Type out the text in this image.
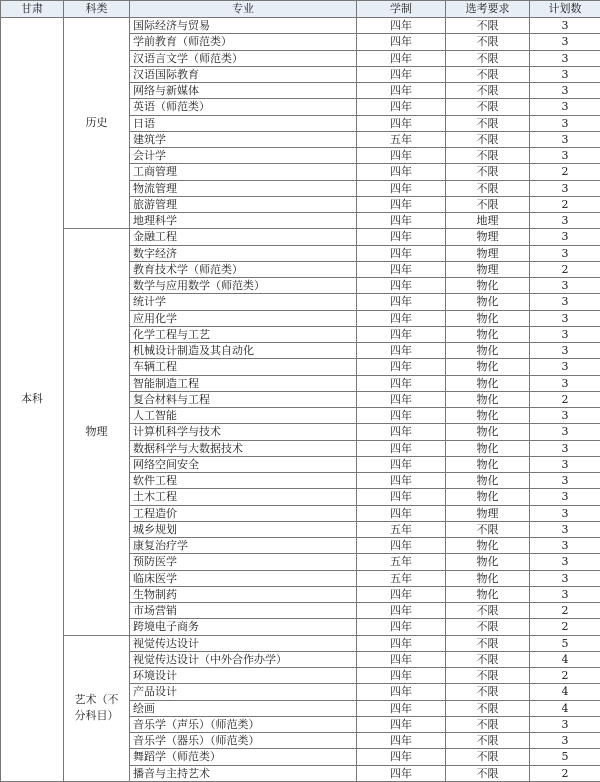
甘肃	科类	专业	学制	选考要求	计划数
本科	历史	国际经济与贸易	四年	不限	3
		学前教育（师范类）	四年	不限	3
		汉语言文学（师范类）	四年	不限	3
		汉语国际教育	四年	不限	3
		网络与新媒体	四年	不限	3
		英语（师范类）	四年	不限	3
		日语	四年	不限	3
		建筑学	五年	不限	3
		会计学	四年	不限	3
		工商管理	四年	不限	2
		物流管理	四年	不限	3
		旅游管理	四年	不限	2
		地理科学	四年	地理	3
	物理	金融工程	四年	物理	3
		数字经济	四年	物理	3
		教育技术学（师范类）	四年	物理	2
		数学与应用数学（师范类）	四年	物化	3
		统计学	四年	物化	3
		应用化学	四年	物化	3
		化学工程与工艺	四年	物化	3
		机械设计制造及其自动化	四年	物化	3
		车辆工程	四年	物化	3
		智能制造工程	四年	物化	3
		复合材料与工程	四年	物化	2
		人工智能	四年	物化	3
		计算机科学与技术	四年	物化	3
		数据科学与大数据技术	四年	物化	3
		网络空间安全	四年	物化	3
		软件工程	四年	物化	3
		土木工程	四年	物化	3
		工程造价	四年	物理	3
		城乡规划	五年	不限	3
		康复治疗学	四年	物化	3
		预防医学	五年	物化	3
		临床医学	五年	物化	3
		生物制药	四年	物化	3
		市场营销	四年	不限	2
		跨境电子商务	四年	不限	2
	艺术（不分科目）	视觉传达设计	四年	不限	5
		视觉传达设计（中外合作办学）	四年	不限	4
		环境设计	四年	不限	2
		产品设计	四年	不限	4
		绘画	四年	不限	4
		音乐学（声乐）（师范类）	四年	不限	3
		音乐学（器乐）（师范类）	四年	不限	3
		舞蹈学（师范类）	四年	不限	5
		播音与主持艺术	四年	不限	2
